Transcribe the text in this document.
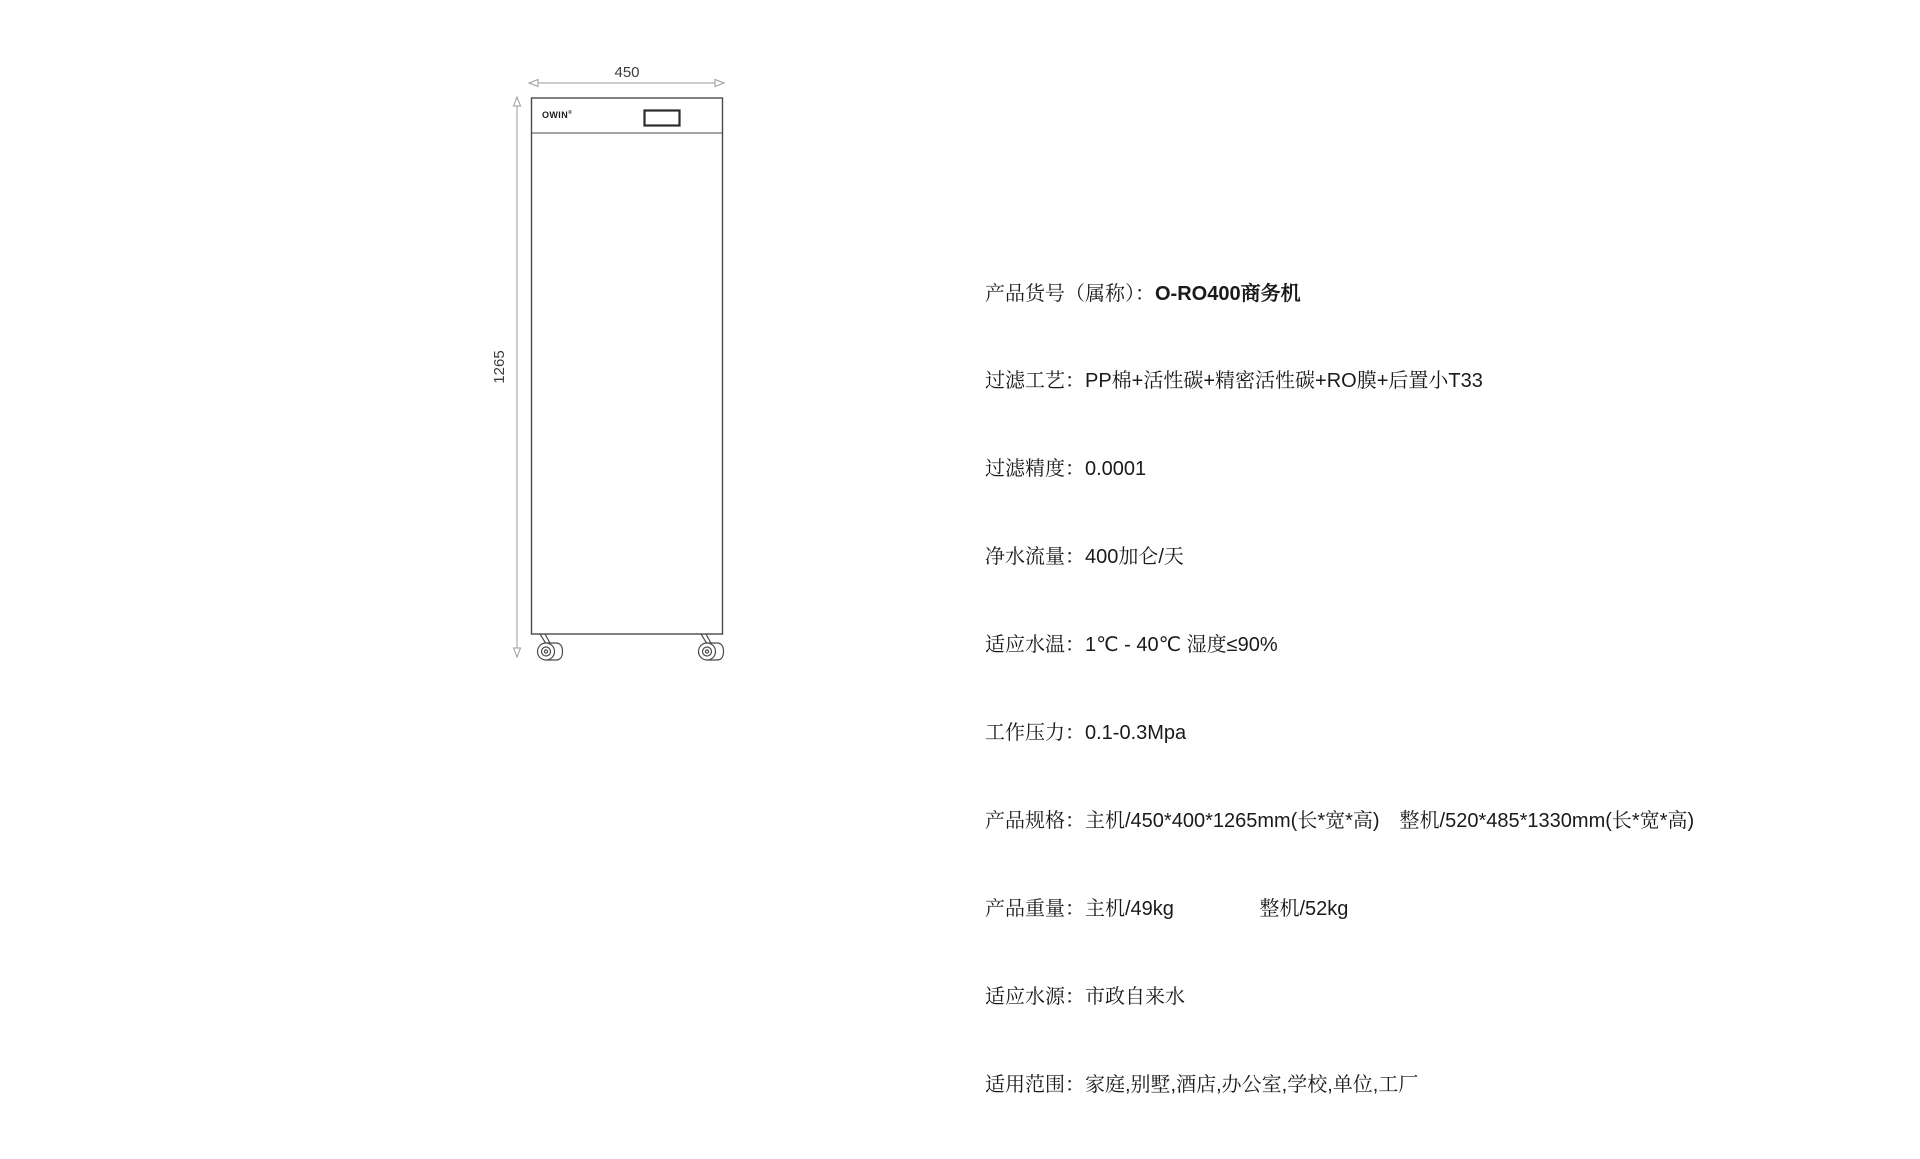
450
1265
OWIN®

产品货号（属称）：O-RO400商务机

过滤工艺：PP棉+活性碳+精密活性碳+RO膜+后置小T33

过滤精度：0.0001

净水流量：400加仑/天

适应水温：1℃ - 40℃ 湿度≤90%

工作压力：0.1-0.3Mpa

产品规格：主机/450*400*1265mm(长*宽*高)　整机/520*485*1330mm(长*宽*高)

产品重量：主机/49kg　　　　 整机/52kg

适应水源：市政自来水

适用范围：家庭,别墅,酒店,办公室,学校,单位,工厂
